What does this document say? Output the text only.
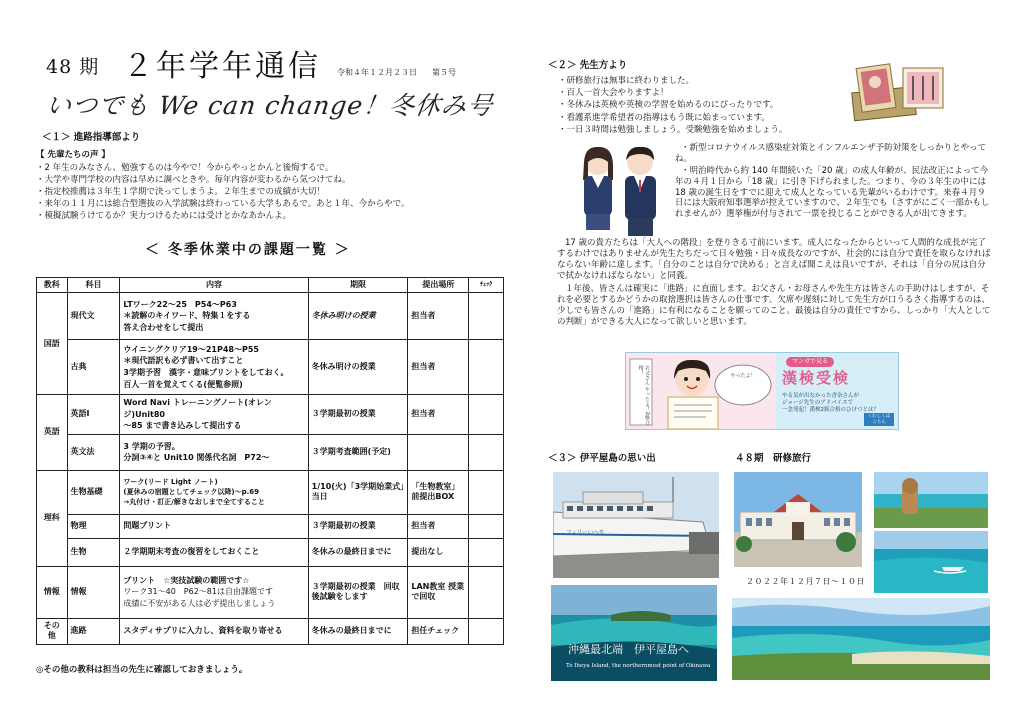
48 期 ２年学年通信 令和４年１２月２３日 第５号
いつでも We can change！冬休み号
＜１＞ 進路指導部より
【 先輩たちの声 】
・2 年生のみなさん、勉強するのは今やで！今からやっとかんと後悔するで。
・大学や専門学校の内容は早めに調べときや。毎年内容が変わるから気つけてね。
・指定校推薦は３年生１学期で決ってしまうよ。２年生までの成績が大切！
・来年の１１月には総合型選抜の入学試験は終わっている大学もあるで。あと１年、今からやで。
・模擬試験うけてるか？実力つけるためには受けとかなあかんよ。
＜ 冬季休業中の課題一覧 ＞
教科	科目	内容	期限	提出場所	ﾁｪｯｸ
国語	現代文	LTワーク22～25　P54～P63
＊読解のキイワード、特集１をする
答え合わせをして提出	冬休み明けの授業	担当者	
	古典	ウイニングクリア19～21P48～P55
＊現代語訳も必ず書いて出すこと
3学期予習　漢字・意味プリントをしておく。
百人一首を覚えてくる(便覧参照)	冬休み明けの授業	担当者	
英語	英語Ⅰ	Word Navi トレーニングノート(オレンジ)Unit80
～85 まで書き込みして提出する	３学期最初の授業	担当者	
	英文法	3 学期の予習。
分詞③④と Unit10 関係代名詞　P72～	３学期考査範囲(予定)		
理科	生物基礎	ワーク(リード Light ノート)
(夏休みの宿題としてチェック以降)～p.69
→丸付け・訂正/解きなおしまで全てすること	1/10(火)「3学期始業式」当日	「生物教室」前提出BOX	
	物理	問題プリント	３学期最初の授業	担当者	
	生物	２学期期末考査の復習をしておくこと	冬休みの最終日までに	提出なし	
情報	情報	プリント　☆実技試験の範囲です☆
ワーク31～40　P62～81は自由課題です
成績に不安がある人は必ず提出しましょう	３学期最初の授業　回収後試験をします	LAN教室 授業で回収	
その他	進路	スタディサプリに入力し、資料を取り寄せる	冬休みの最終日までに	担任チェック	
◎その他の教科は担当の先生に確認しておきましょう。
＜２＞ 先生方より
・研修旅行は無事に終わりました。
・百人一首大会やりますよ！
・冬休みは英検や英検の学習を始めるのにぴったりです。
・看護系進学希望者の指導はもう既に始まっています。
・一日３時間は勉強しましょう。受験勉強を始めましょう。

・新型コロナウイルス感染症対策とインフルエンザ予防対策をしっかりとやってね。

・明治時代から約 140 年間続いた「20 歳」の成人年齢が、民法改正によって今年の４月１日から「18 歳」に引き下げられました。つまり、今の３年生の中には 18 歳の誕生日をすでに迎えて成人となっている先輩がいるわけです。来春４月９日には大阪府知事選挙が控えていますので、２年生でも（さすがにごく一部かもしれませんが）選挙権が付与されて一票を投じることができる人が出てきます。

17 歳の貴方たちは「大人への階段」を登りきる寸前にいます。成人になったからといって人間的な成長が完了するわけではありませんが先生たちだって日々勉強・日々成長なのですが、社会的には自分で責任を取らなければならない年齢に達します。「自分のことは自分で決める」と言えば聞こえは良いですが、それは「自分の尻は自分で拭かなければならない」と同義。

１年後、皆さんは確実に「進路」に直面します。お父さん・お母さんや先生方は皆さんの手助けはしますが、それを必要とするかどうかの取捨選択は皆さんの仕事です。欠席や遅刻に対して先生方が口うるさく指導するのは、少しでも皆さんの「進路」に有利になることを願ってのこと。最後は自分の責任ですから、しっかり「大人としての判断」ができる大人になって欲しいと思います。

お父さん やったよ！2級合格！
やったよ！
マンガで見る
漢検受検
やる気が出なかった香奈さんが
ジョージ先生のアドバイスで
一念発起！漢検2級合格のひけつとは？
くわしくは こちら
＜３＞ 伊平屋島の思い出	４８期　研修旅行
フェリーいへや
沖縄最北端　伊平屋島へ
To Iheya Island, the northernmost point of Okinawa
２０２２年１２月７日～１０日
